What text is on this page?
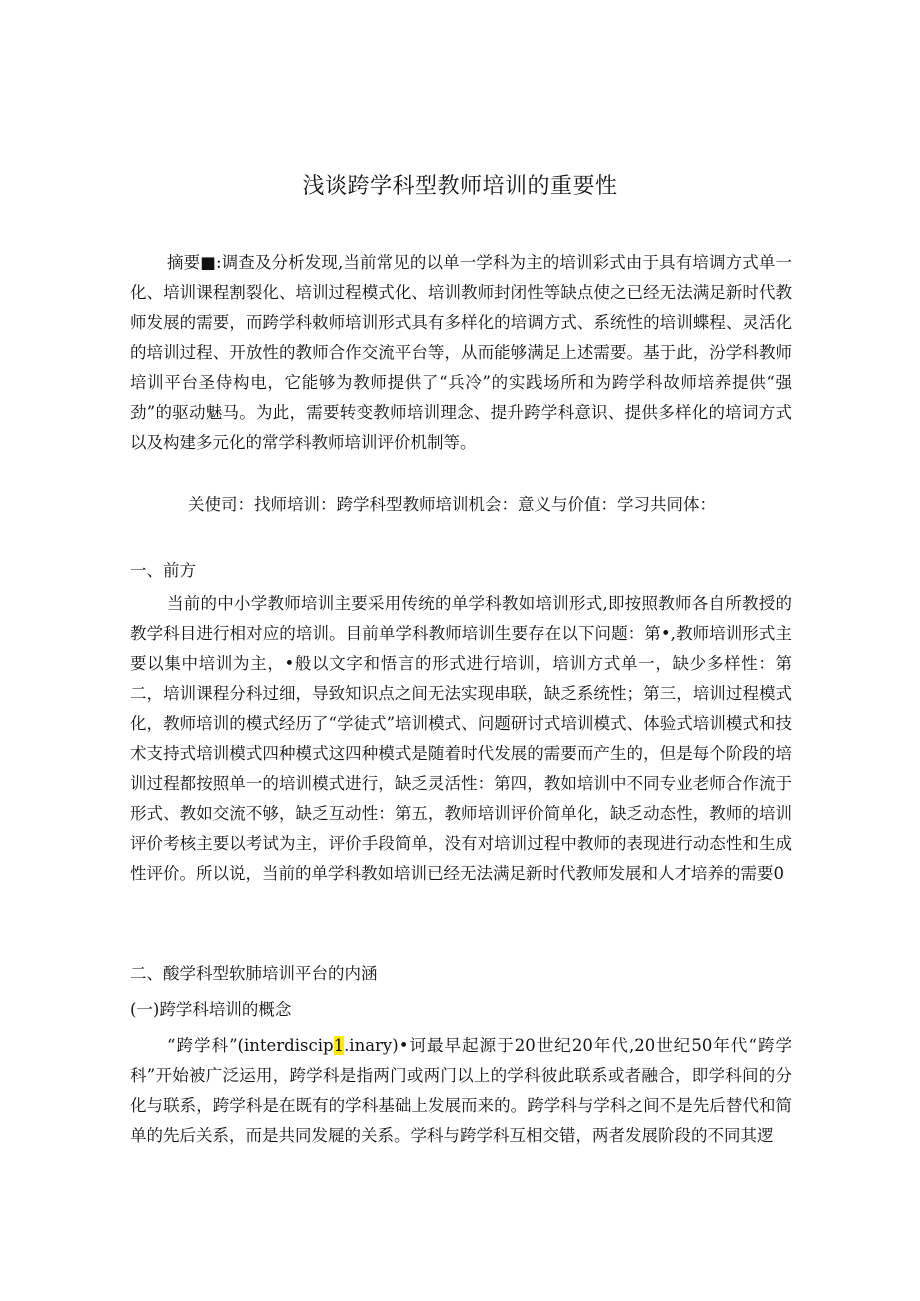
浅谈跨学科型教师培训的重要性
摘要■:调查及分析发现,当前常见的以单一学科为主的培训彩式由于具有培调方式单一化、培训课程割裂化、培训过程模式化、培训教师封闭性等缺点使之已经无法满足新时代教师发展的需要，而跨学科敕师培训形式具有多样化的培调方式、系统性的培训蝶程、灵活化的培训过程、开放性的教师合作交流平台等，从而能够满足上述需要。基于此，汾学科教师培训平台圣侍构电，它能够为教师提供了“兵冷”的实践场所和为跨学科故师培养提供“强劲”的驱动魅马。为此，需要转变教师培训理念、提升跨学科意识、提供多样化的培词方式以及构建多元化的常学科教师培训评价机制等。
关使司：找师培训：跨学科型教师培训机会：意义与价值：学习共同体：
一、前方
当前的中小学教师培训主要采用传统的单学科教如培训形式,即按照教师各自所教授的教学科目进行相对应的培训。目前单学科教师培训生要存在以下问题：第•,教师培训形式主要以集中培训为主，•般以文字和悟言的形式进行培训，培训方式单一，缺少多样性：第二，培训课程分科过细，导致知识点之间无法实现串联，缺乏系统性；第三，培训过程模式化，教师培训的模式经历了“学徒式”培训模式、问题研讨式培训模式、体验式培训模式和技术支持式培训模式四种模式这四种模式是随着时代发展的需要而产生的，但是每个阶段的培训过程都按照单一的培训模式进行，缺乏灵活性：第四，教如培训中不同专业老师合作流于形式、教如交流不够，缺乏互动性：第五，教师培训评价简单化，缺乏动态性，教师的培训评价考核主要以考试为主，评价手段简单，没有对培训过程中教师的表现进行动态性和生成性评价。所以说，当前的单学科教如培训已经无法满足新时代教师发展和人才培养的需要0
二、酸学科型软肺培训平台的内涵
(一)跨学科培训的概念
“跨学科”(interdiscip1.inary)•诃最早起源于20世纪20年代,20世纪50年代“跨学科”开始被广泛运用，跨学科是指两门或两门以上的学科彼此联系或者融合，即学科间的分化与联系，跨学科是在既有的学科基础上发展而来的。跨学科与学科之间不是先后替代和简单的先后关系，而是共同发屣的关系。学科与跨学科互相交错，两者发展阶段的不同其逻
